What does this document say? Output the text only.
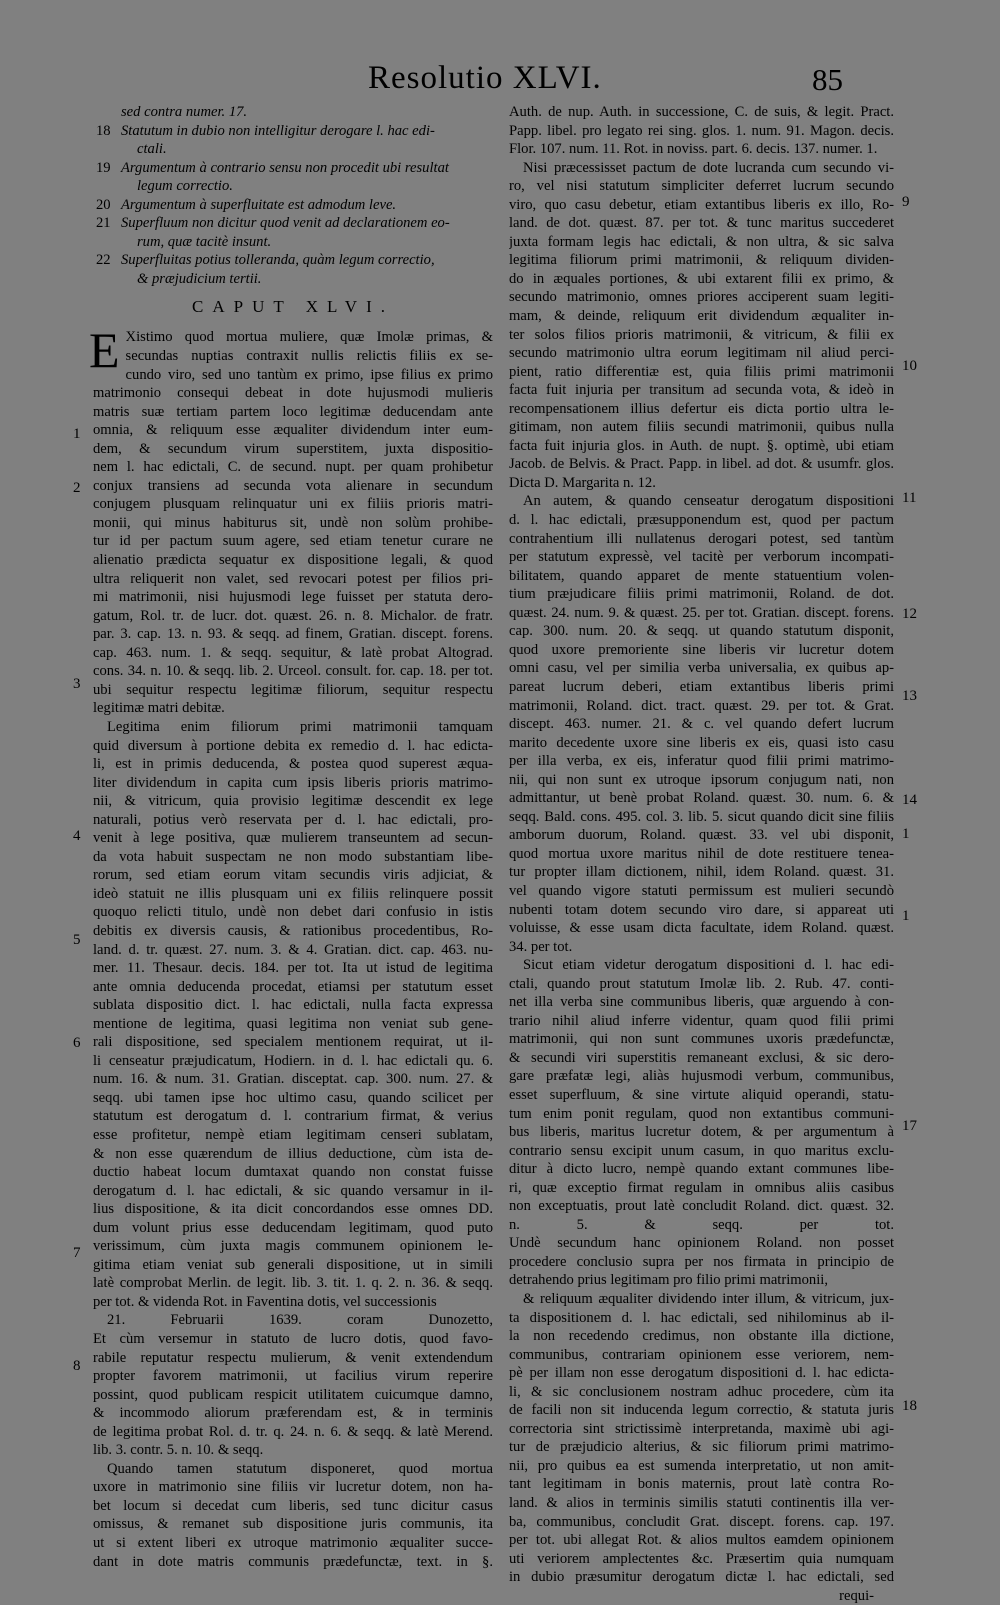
Resolutio XLVI.	85
sed contra numer. 17.
18 Statutum in dubio non intelligitur derogare l. hac edi-
ctali.
19 Argumentum à contrario sensu non procedit ubi resultat
legum correctio.
20 Argumentum à superfluitate est admodum leve.
21 Superfluum non dicitur quod venit ad declarationem eo-
rum, quæ tacitè insunt.
22 Superfluitas potius tolleranda, quàm legum correctio,
& præjudicium tertii.
CAPUT XLVI.
E Xistimo quod mortua muliere, quæ Imolæ primas, &
secundas nuptias contraxit nullis relictis filiis ex se-
cundo viro, sed uno tantùm ex primo, ipse filius ex primo
matrimonio consequi debeat in dote hujusmodi mulieris
matris suæ tertiam partem loco legitimæ deducendam ante
omnia, & reliquum esse æqualiter dividendum inter eum-
dem, & secundum virum superstitem, juxta dispositio-
nem l. hac edictali, C. de secund. nupt. per quam prohibetur
conjux transiens ad secunda vota alienare in secundum
conjugem plusquam relinquatur uni ex filiis prioris matri-
monii, qui minus habiturus sit, undè non solùm prohibe-
tur id per pactum suum agere, sed etiam tenetur curare ne
alienatio prædicta sequatur ex dispositione legali, & quod
ultra reliquerit non valet, sed revocari potest per filios pri-
mi matrimonii, nisi hujusmodi lege fuisset per statuta dero-
gatum, Rol. tr. de lucr. dot. quæst. 26. n. 8. Michalor. de fratr.
par. 3. cap. 13. n. 93. & seqq. ad finem, Gratian. discept. forens.
cap. 463. num. 1. & seqq. sequitur, & latè probat Altograd.
cons. 34. n. 10. & seqq. lib. 2. Urceol. consult. for. cap. 18. per tot.
ubi sequitur respectu legitimæ filiorum, sequitur respectu
legitimæ matri debitæ.
Legitima enim filiorum primi matrimonii tamquam
quid diversum à portione debita ex remedio d. l. hac edicta-
li, est in primis deducenda, & postea quod superest æqua-
liter dividendum in capita cum ipsis liberis prioris matrimo-
nii, & vitricum, quia provisio legitimæ descendit ex lege
naturali, potius verò reservata per d. l. hac edictali, pro-
venit à lege positiva, quæ mulierem transeuntem ad secun-
da vota habuit suspectam ne non modo substantiam libe-
rorum, sed etiam eorum vitam secundis viris adjiciat, &
ideò statuit ne illis plusquam uni ex filiis relinquere possit
quoquo relicti titulo, undè non debet dari confusio in istis
debitis ex diversis causis, & rationibus procedentibus, Ro-
land. d. tr. quæst. 27. num. 3. & 4. Gratian. dict. cap. 463. nu-
mer. 11. Thesaur. decis. 184. per tot. Ita ut istud de legitima
ante omnia deducenda procedat, etiamsi per statutum esset
sublata dispositio dict. l. hac edictali, nulla facta expressa
mentione de legitima, quasi legitima non veniat sub gene-
rali dispositione, sed specialem mentionem requirat, ut il-
li censeatur præjudicatum, Hodiern. in d. l. hac edictali qu. 6.
num. 16. & num. 31. Gratian. disceptat. cap. 300. num. 27. &
seqq. ubi tamen ipse hoc ultimo casu, quando scilicet per
statutum est derogatum d. l. contrarium firmat, & verius
esse profitetur, nempè etiam legitimam censeri sublatam,
& non esse quærendum de illius deductione, cùm ista de-
ductio habeat locum dumtaxat quando non constat fuisse
derogatum d. l. hac edictali, & sic quando versamur in il-
lius dispositione, & ita dicit concordandos esse omnes DD.
dum volunt prius esse deducendam legitimam, quod puto
verissimum, cùm juxta magis communem opinionem le-
gitima etiam veniat sub generali dispositione, ut in simili
latè comprobat Merlin. de legit. lib. 3. tit. 1. q. 2. n. 36. & seqq.
per tot. & videnda Rot. in Faventina dotis, vel successionis
21. Februarii 1639. coram Dunozetto,
Et cùm versemur in statuto de lucro dotis, quod favo-
rabile reputatur respectu mulierum, & venit extendendum
propter favorem matrimonii, ut facilius virum reperire
possint, quod publicam respicit utilitatem cuicumque damno,
& incommodo aliorum præferendam est, & in terminis
de legitima probat Rol. d. tr. q. 24. n. 6. & seqq. & latè Merend.
lib. 3. contr. 5. n. 10. & seqq.
Quando tamen statutum disponeret, quod mortua
uxore in matrimonio sine filiis vir lucretur dotem, non ha-
bet locum si decedat cum liberis, sed tunc dicitur casus
omissus, & remanet sub dispositione juris communis, ita
ut si extent liberi ex utroque matrimonio æqualiter succe-
dant in dote matris communis prædefunctæ, text. in §.
1
2
3
4
5
6
7
8
Auth. de nup. Auth. in successione, C. de suis, & legit. Pract.
Papp. libel. pro legato rei sing. glos. 1. num. 91. Magon. decis.
Flor. 107. num. 11. Rot. in noviss. part. 6. decis. 137. numer. 1.
Nisi præcessisset pactum de dote lucranda cum secundo vi-
ro, vel nisi statutum simpliciter deferret lucrum secundo
viro, quo casu debetur, etiam extantibus liberis ex illo, Ro-
land. de dot. quæst. 87. per tot. & tunc maritus succederet
juxta formam legis hac edictali, & non ultra, & sic salva
legitima filiorum primi matrimonii, & reliquum dividen-
do in æquales portiones, & ubi extarent filii ex primo, &
secundo matrimonio, omnes priores acciperent suam legiti-
mam, & deinde, reliquum erit dividendum æqualiter in-
ter solos filios prioris matrimonii, & vitricum, & filii ex
secundo matrimonio ultra eorum legitimam nil aliud perci-
pient, ratio differentiæ est, quia filiis primi matrimonii
facta fuit injuria per transitum ad secunda vota, & ideò in
recompensationem illius defertur eis dicta portio ultra le-
gitimam, non autem filiis secundi matrimonii, quibus nulla
facta fuit injuria glos. in Auth. de nupt. §. optimè, ubi etiam
Jacob. de Belvis. & Pract. Papp. in libel. ad dot. & usumfr. glos.
Dicta D. Margarita n. 12.
An autem, & quando censeatur derogatum dispositioni
d. l. hac edictali, præsupponendum est, quod per pactum
contrahentium illi nullatenus derogari potest, sed tantùm
per statutum expressè, vel tacitè per verborum incompati-
bilitatem, quando apparet de mente statuentium volen-
tium præjudicare filiis primi matrimonii, Roland. de dot.
quæst. 24. num. 9. & quæst. 25. per tot. Gratian. discept. forens.
cap. 300. num. 20. & seqq. ut quando statutum disponit,
quod uxore premoriente sine liberis vir lucretur dotem
omni casu, vel per similia verba universalia, ex quibus ap-
pareat lucrum deberi, etiam extantibus liberis primi
matrimonii, Roland. dict. tract. quæst. 29. per tot. & Grat.
discept. 463. numer. 21. & c. vel quando defert lucrum
marito decedente uxore sine liberis ex eis, quasi isto casu
per illa verba, ex eis, inferatur quod filii primi matrimo-
nii, qui non sunt ex utroque ipsorum conjugum nati, non
admittantur, ut benè probat Roland. quæst. 30. num. 6. &
seqq. Bald. cons. 495. col. 3. lib. 5. sicut quando dicit sine filiis
amborum duorum, Roland. quæst. 33. vel ubi disponit,
quod mortua uxore maritus nihil de dote restituere tenea-
tur propter illam dictionem, nihil, idem Roland. quæst. 31.
vel quando vigore statuti permissum est mulieri secundò
nubenti totam dotem secundo viro dare, si appareat uti
voluisse, & esse usam dicta facultate, idem Roland. quæst.
34. per tot.
Sicut etiam videtur derogatum dispositioni d. l. hac edi-
ctali, quando prout statutum Imolæ lib. 2. Rub. 47. conti-
net illa verba sine communibus liberis, quæ arguendo à con-
trario nihil aliud inferre videntur, quam quod filii primi
matrimonii, qui non sunt communes uxoris prædefunctæ,
& secundi viri superstitis remaneant exclusi, & sic dero-
gare præfatæ legi, aliàs hujusmodi verbum, communibus,
esset superfluum, & sine virtute aliquid operandi, statu-
tum enim ponit regulam, quod non extantibus communi-
bus liberis, maritus lucretur dotem, & per argumentum à
contrario sensu excipit unum casum, in quo maritus exclu-
ditur à dicto lucro, nempè quando extant communes libe-
ri, quæ exceptio firmat regulam in omnibus aliis casibus
non exceptuatis, prout latè concludit Roland. dict. quæst. 32.
n. 5. & seqq. per tot.
Undè secundum hanc opinionem Roland. non posset
procedere conclusio supra per nos firmata in principio de
detrahendo prius legitimam pro filio primi matrimonii,
& reliquum æqualiter dividendo inter illum, & vitricum, jux-
ta dispositionem d. l. hac edictali, sed nihilominus ab il-
la non recedendo credimus, non obstante illa dictione,
communibus, contrariam opinionem esse veriorem, nem-
pè per illam non esse derogatum dispositioni d. l. hac edicta-
li, & sic conclusionem nostram adhuc procedere, cùm ita
de facili non sit inducenda legum correctio, & statuta juris
correctoria sint strictissimè interpretanda, maximè ubi agi-
tur de præjudicio alterius, & sic filiorum primi matrimo-
nii, pro quibus ea est sumenda interpretatio, ut non amit-
tant legitimam in bonis maternis, prout latè contra Ro-
land. & alios in terminis similis statuti continentis illa ver-
ba, communibus, concludit Grat. discept. forens. cap. 197.
per tot. ubi allegat Rot. & alios multos eamdem opinionem
uti veriorem amplectentes &c. Præsertim quia numquam
in dubio præsumitur derogatum dictæ l. hac edictali, sed
requi-
9
10
11
12
13
14
1
1
17
18
